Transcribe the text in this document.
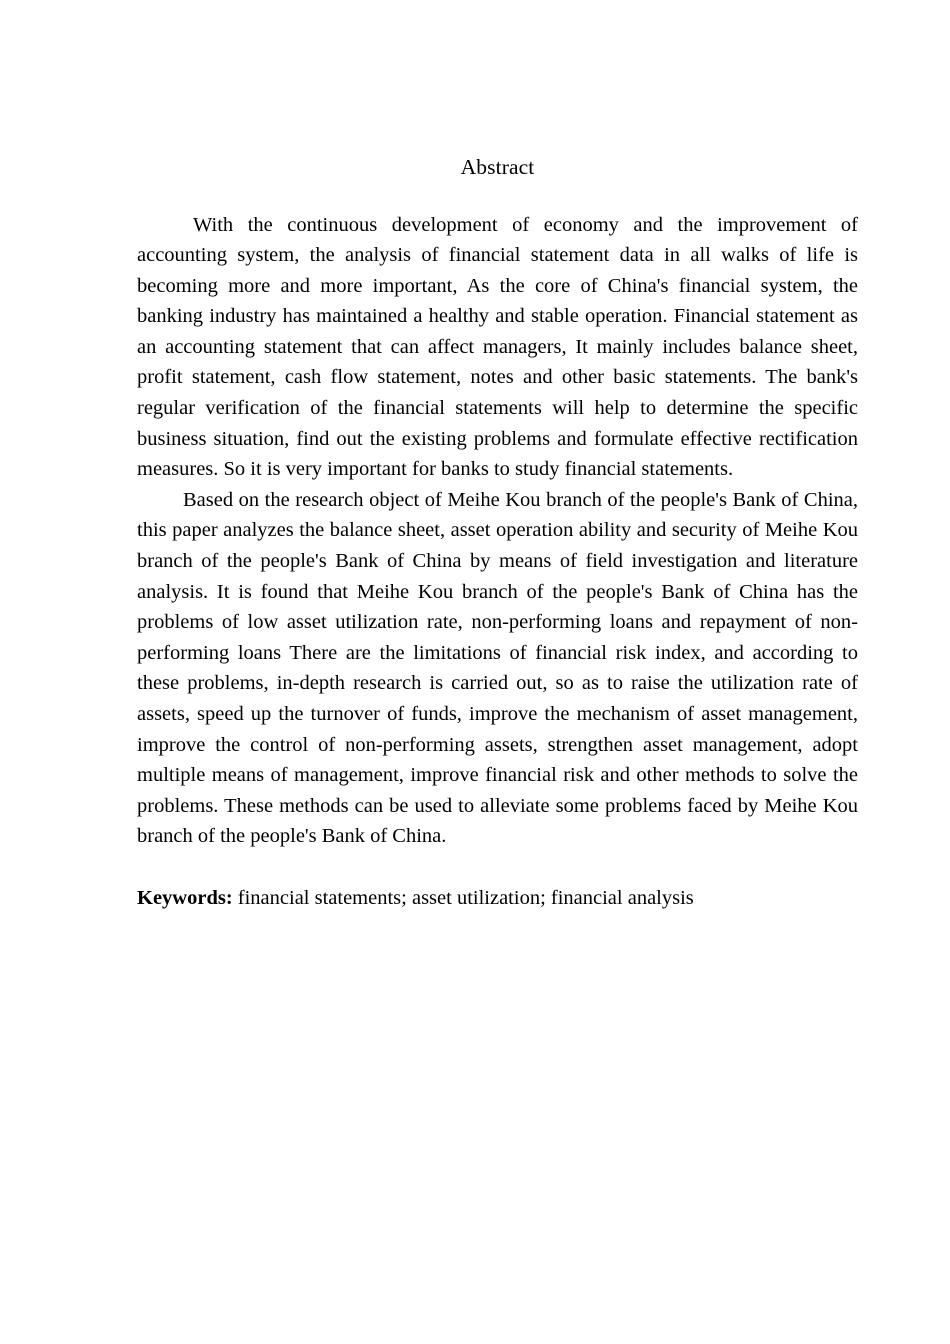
Abstract

With the continuous development of economy and the improvement of accounting system, the analysis of financial statement data in all walks of life is becoming more and more important, As the core of China's financial system, the banking industry has maintained a healthy and stable operation. Financial statement as an accounting statement that can affect managers, It mainly includes balance sheet, profit statement, cash flow statement, notes and other basic statements. The bank's regular verification of the financial statements will help to determine the specific business situation, find out the existing problems and formulate effective rectification measures. So it is very important for banks to study financial statements.

Based on the research object of Meihe Kou branch of the people's Bank of China, this paper analyzes the balance sheet, asset operation ability and security of Meihe Kou branch of the people's Bank of China by means of field investigation and literature analysis. It is found that Meihe Kou branch of the people's Bank of China has the problems of low asset utilization rate, non-performing loans and repayment of non-performing loans There are the limitations of financial risk index, and according to these problems, in-depth research is carried out, so as to raise the utilization rate of assets, speed up the turnover of funds, improve the mechanism of asset management, improve the control of non-performing assets, strengthen asset management, adopt multiple means of management, improve financial risk and other methods to solve the problems. These methods can be used to alleviate some problems faced by Meihe Kou branch of the people's Bank of China.

Keywords: financial statements; asset utilization; financial analysis
